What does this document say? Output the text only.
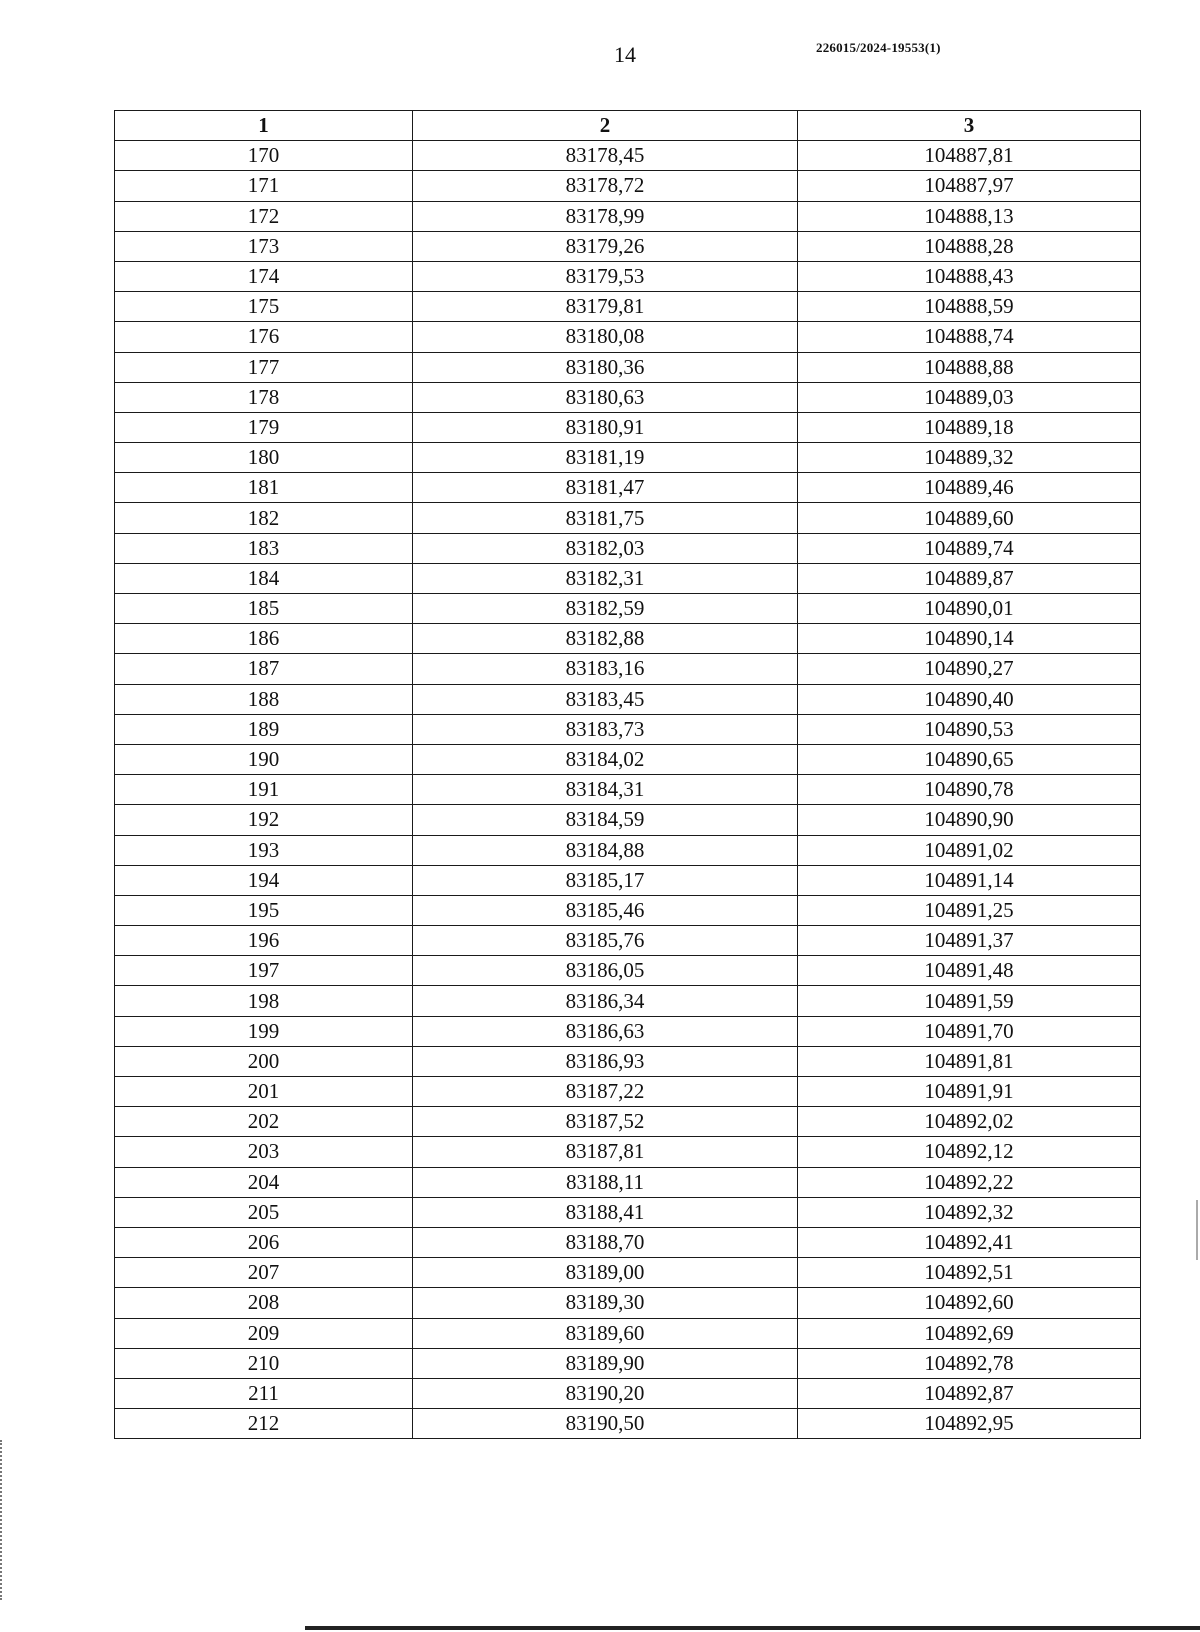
14	226015/2024-19553(1)
1	2	3
170	83178,45	104887,81
171	83178,72	104887,97
172	83178,99	104888,13
173	83179,26	104888,28
174	83179,53	104888,43
175	83179,81	104888,59
176	83180,08	104888,74
177	83180,36	104888,88
178	83180,63	104889,03
179	83180,91	104889,18
180	83181,19	104889,32
181	83181,47	104889,46
182	83181,75	104889,60
183	83182,03	104889,74
184	83182,31	104889,87
185	83182,59	104890,01
186	83182,88	104890,14
187	83183,16	104890,27
188	83183,45	104890,40
189	83183,73	104890,53
190	83184,02	104890,65
191	83184,31	104890,78
192	83184,59	104890,90
193	83184,88	104891,02
194	83185,17	104891,14
195	83185,46	104891,25
196	83185,76	104891,37
197	83186,05	104891,48
198	83186,34	104891,59
199	83186,63	104891,70
200	83186,93	104891,81
201	83187,22	104891,91
202	83187,52	104892,02
203	83187,81	104892,12
204	83188,11	104892,22
205	83188,41	104892,32
206	83188,70	104892,41
207	83189,00	104892,51
208	83189,30	104892,60
209	83189,60	104892,69
210	83189,90	104892,78
211	83190,20	104892,87
212	83190,50	104892,95
